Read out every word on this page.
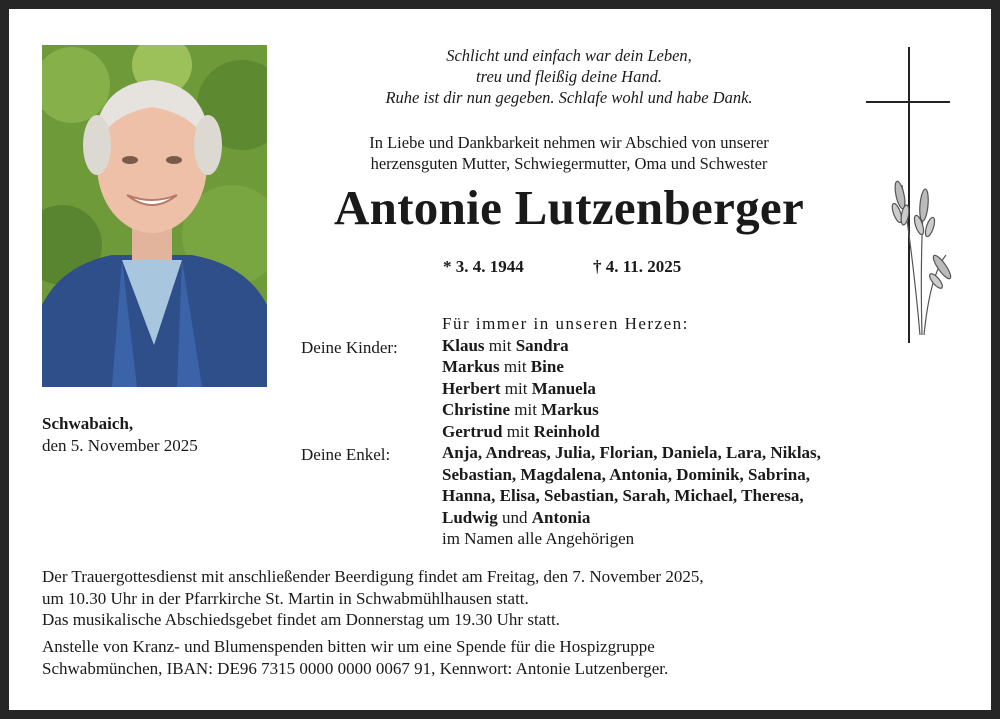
Schwabaich,
den 5. November 2025
Schlicht und einfach war dein Leben,
treu und fleißig deine Hand.
Ruhe ist dir nun gegeben. Schlafe wohl und habe Dank.
In Liebe und Dankbarkeit nehmen wir Abschied von unserer
herzensguten Mutter, Schwiegermutter, Oma und Schwester
Antonie Lutzenberger
* 3. 4. 1944	† 4. 11. 2025
Deine Kinder:
Deine Enkel:
Für immer in unseren Herzen:
Klaus mit Sandra
Markus mit Bine
Herbert mit Manuela
Christine mit Markus
Gertrud mit Reinhold
Anja, Andreas, Julia, Florian, Daniela, Lara, Niklas,
Sebastian, Magdalena, Antonia, Dominik, Sabrina,
Hanna, Elisa, Sebastian, Sarah, Michael, Theresa,
Ludwig und Antonia
im Namen alle Angehörigen
Der Trauergottesdienst mit anschließender Beerdigung findet am Freitag, den 7. November 2025,
um 10.30 Uhr in der Pfarrkirche St. Martin in Schwabmühlhausen statt.
Das musikalische Abschiedsgebet findet am Donnerstag um 19.30 Uhr statt.
Anstelle von Kranz- und Blumenspenden bitten wir um eine Spende für die Hospizgruppe
Schwabmünchen, IBAN: DE96 7315 0000 0000 0067 91, Kennwort: Antonie Lutzenberger.
